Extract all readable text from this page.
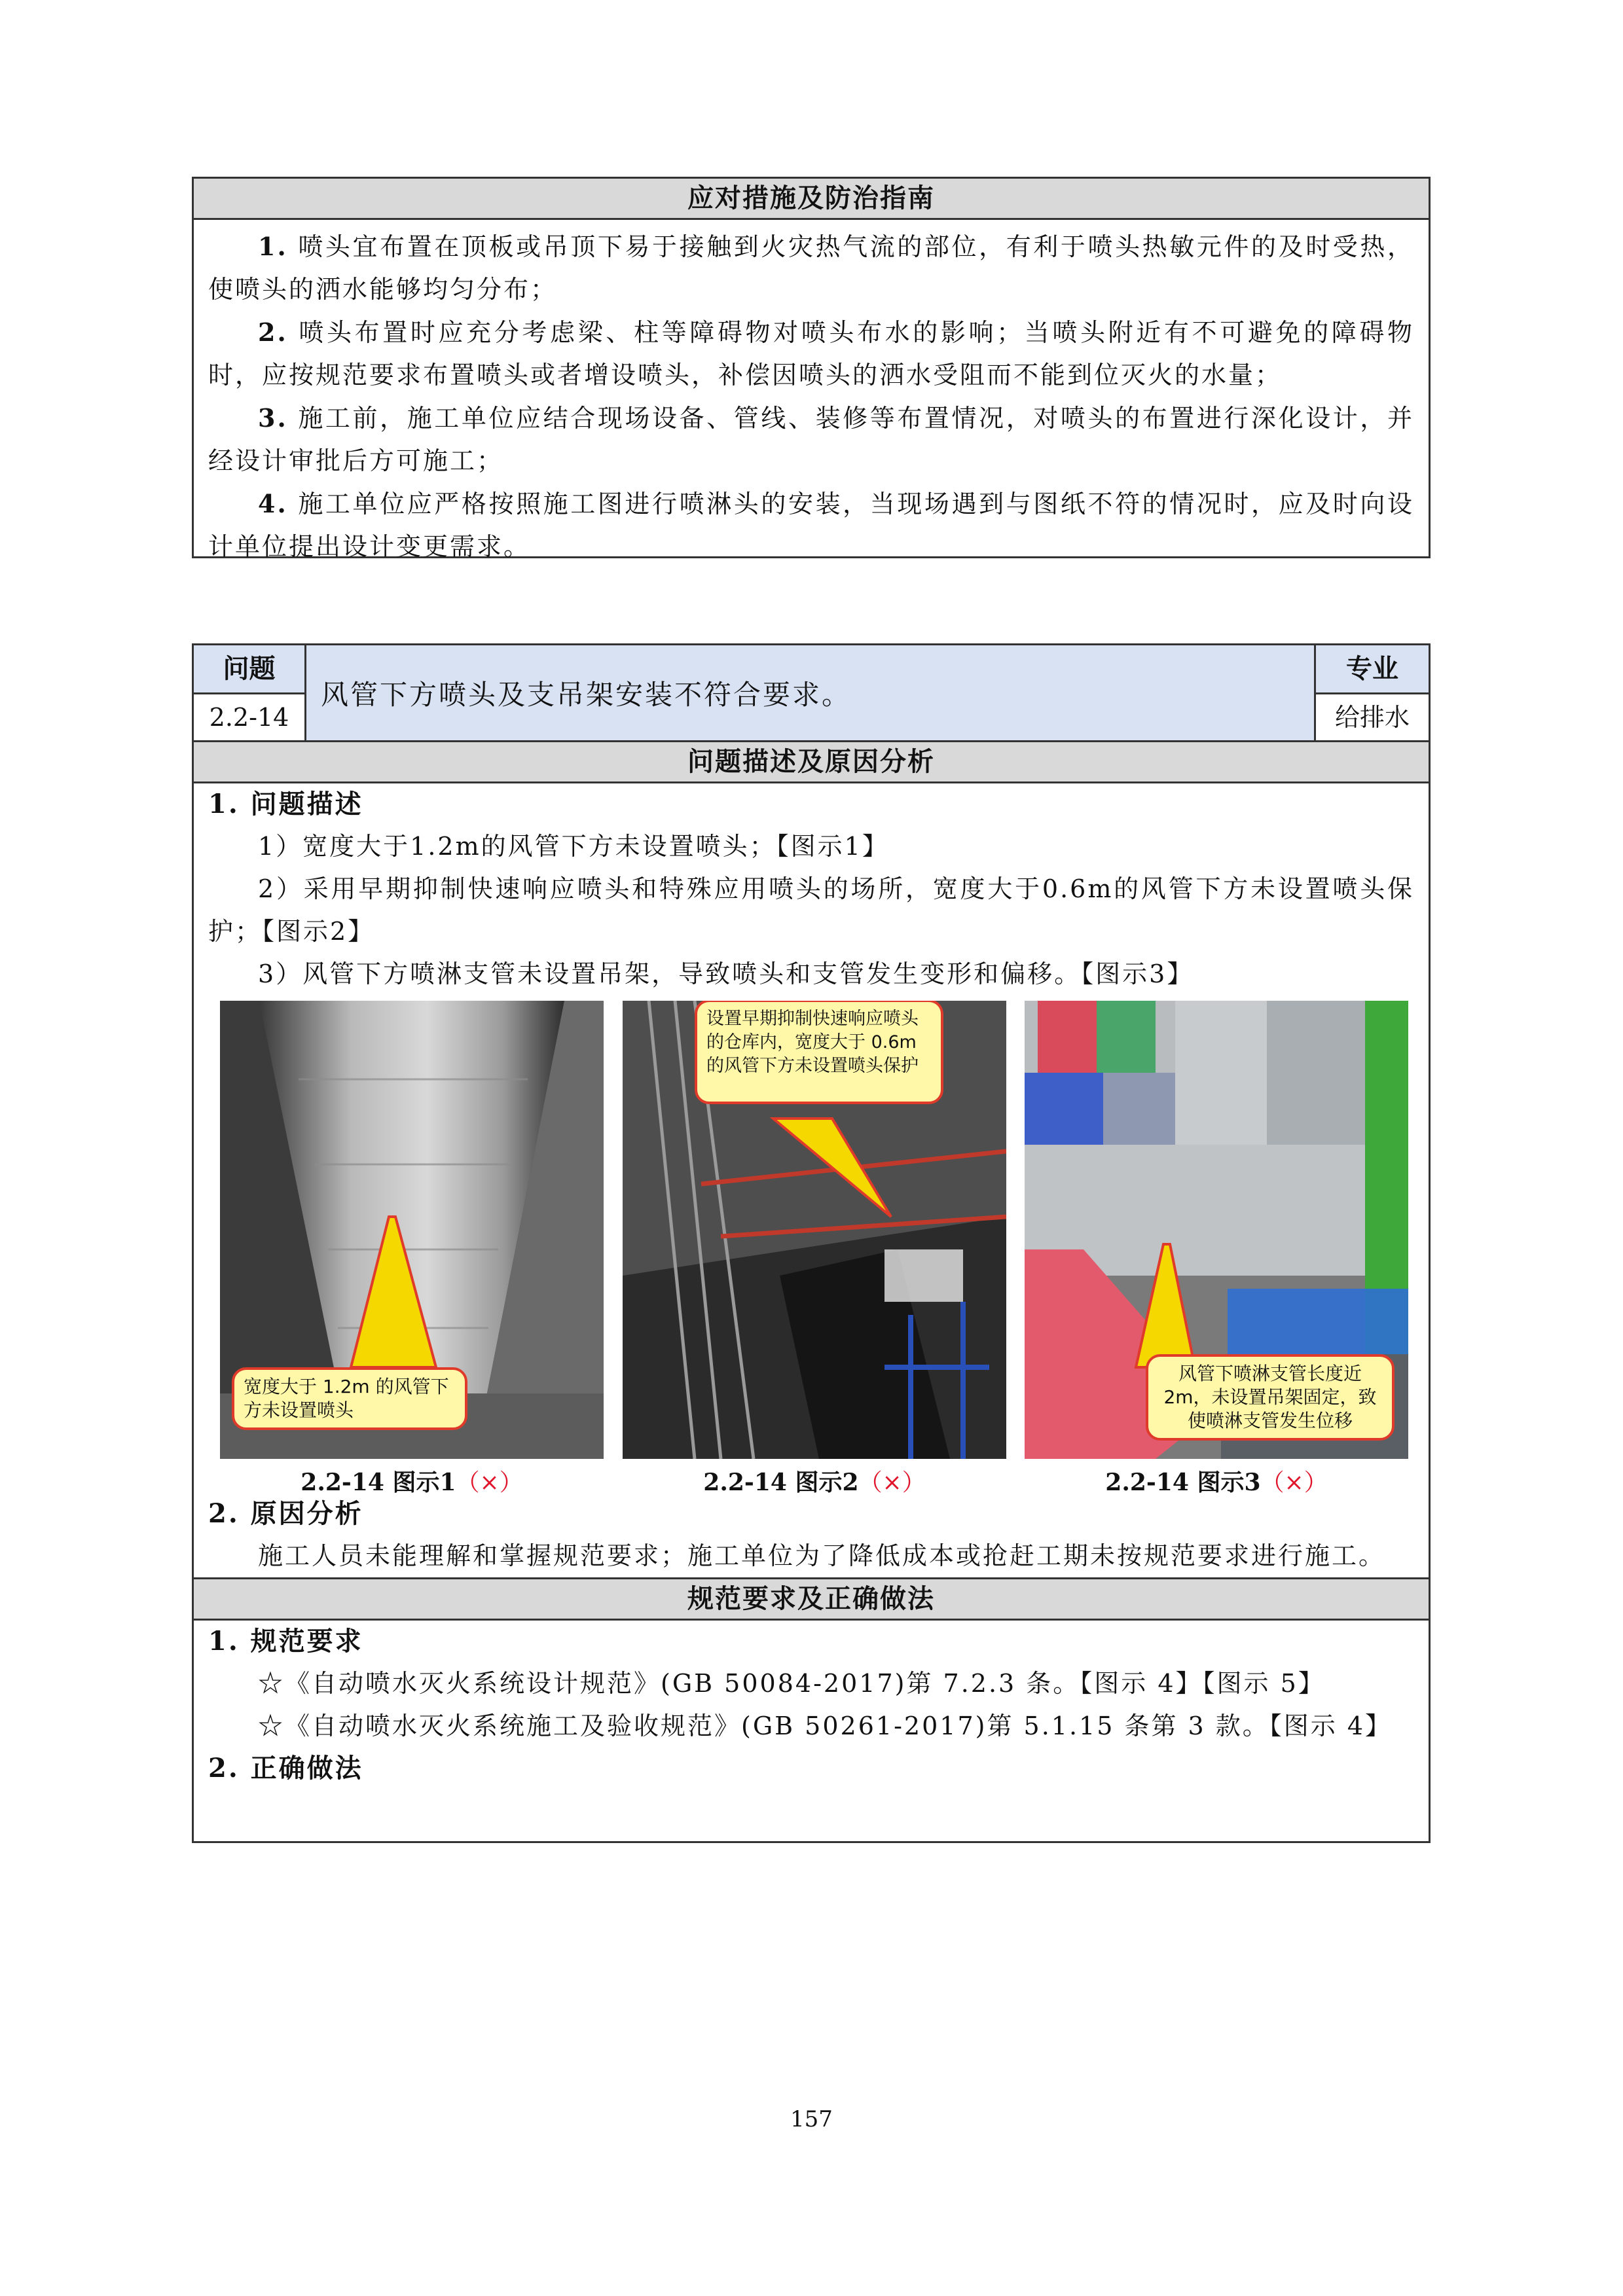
应对措施及防治指南

1. 喷头宜布置在顶板或吊顶下易于接触到火灾热气流的部位，有利于喷头热敏元件的及时受热，使喷头的洒水能够均匀分布；

2. 喷头布置时应充分考虑梁、柱等障碍物对喷头布水的影响；当喷头附近有不可避免的障碍物时，应按规范要求布置喷头或者增设喷头，补偿因喷头的洒水受阻而不能到位灭火的水量；

3. 施工前，施工单位应结合现场设备、管线、装修等布置情况，对喷头的布置进行深化设计，并经设计审批后方可施工；

4. 施工单位应严格按照施工图进行喷淋头的安装，当现场遇到与图纸不符的情况时，应及时向设计单位提出设计变更需求。

问题
2.2-14
风管下方喷头及支吊架安装不符合要求。
专业
给排水
问题描述及原因分析
1. 问题描述
1）宽度大于1.2m的风管下方未设置喷头；【图示1】
2）采用早期抑制快速响应喷头和特殊应用喷头的场所，宽度大于0.6m的风管下方未设置喷头保护；【图示2】
3）风管下方喷淋支管未设置吊架，导致喷头和支管发生变形和偏移。【图示3】
宽度大于 1.2m 的风管下方未设置喷头
2.2-14 图示1（×）
设置早期抑制快速响应喷头的仓库内，宽度大于 0.6m 的风管下方未设置喷头保护
2.2-14 图示2（×）
风管下喷淋支管长度近2m，未设置吊架固定，致使喷淋支管发生位移
2.2-14 图示3（×）
2. 原因分析
施工人员未能理解和掌握规范要求；施工单位为了降低成本或抢赶工期未按规范要求进行施工。
规范要求及正确做法
1. 规范要求
☆《自动喷水灭火系统设计规范》(GB 50084-2017)第 7.2.3 条。【图示 4】【图示 5】
☆《自动喷水灭火系统施工及验收规范》(GB 50261-2017)第 5.1.15 条第 3 款。【图示 4】
2. 正确做法
157
